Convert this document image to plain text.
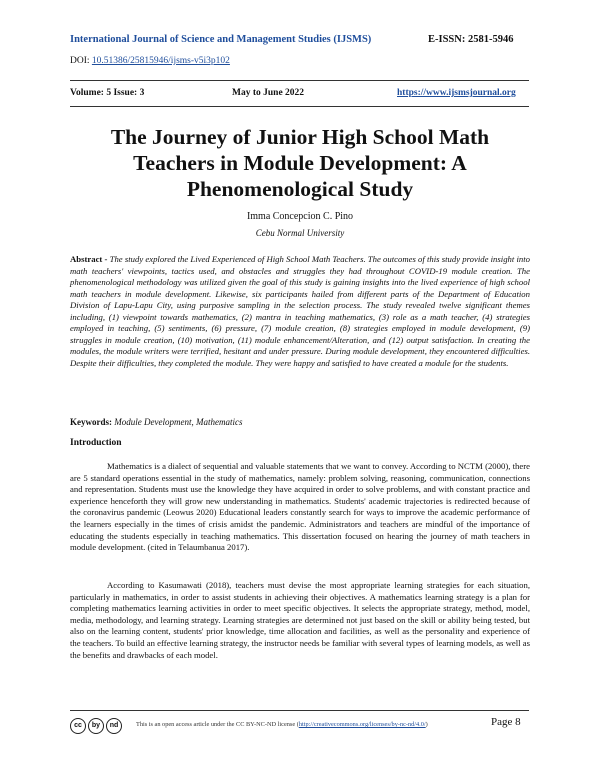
International Journal of Science and Management Studies (IJSMS)	E-ISSN: 2581-5946
DOI: 10.51386/25815946/ijsms-v5i3p102
Volume: 5 Issue: 3	May to June 2022	https://www.ijsmsjournal.org
The Journey of Junior High School Math Teachers in Module Development: A Phenomenological Study
Imma Concepcion C. Pino
Cebu Normal University
Abstract - The study explored the Lived Experienced of High School Math Teachers. The outcomes of this study provide insight into math teachers' viewpoints, tactics used, and obstacles and struggles they had throughout COVID-19 module creation. The phenomenological methodology was utilized given the goal of this study is gaining insights into the lived experience of high school math teachers in module development. Likewise, six participants hailed from different parts of the Department of Education Division of Lapu-Lapu City, using purposive sampling in the selection process. The study revealed twelve significant themes including, (1) viewpoint towards mathematics, (2) mantra in teaching mathematics, (3) role as a math teacher, (4) strategies employed in teaching, (5) sentiments, (6) pressure, (7) module creation, (8) strategies employed in module development, (9) struggles in module creation, (10) motivation, (11) module enhancement/Alteration, and (12) output satisfaction. In creating the modules, the module writers were terrified, hesitant and under pressure. During module development, they encountered difficulties. Despite their difficulties, they completed the module. They were happy and satisfied to have created a module for the students.
Keywords: Module Development, Mathematics
Introduction
Mathematics is a dialect of sequential and valuable statements that we want to convey. According to NCTM (2000), there are 5 standard operations essential in the study of mathematics, namely: problem solving, reasoning, communication, connections and representation. Students must use the knowledge they have acquired in order to solve problems, and with constant practice and experience henceforth they will grow new understanding in mathematics. Students' academic trajectories is redirected because of the coronavirus pandemic (Leowus 2020) Educational leaders constantly search for ways to improve the academic performance of the learners especially in the times of crisis amidst the pandemic. Administrators and teachers are mindful of the importance of educating the students especially in teaching mathematics. This dissertation focused on hearing the journey of math teachers in module development. (cited in Telaumbanua 2017).
According to Kasumawati (2018), teachers must devise the most appropriate learning strategies for each situation, particularly in mathematics, in order to assist students in achieving their objectives. A mathematics learning strategy is a plan for completing mathematics learning activities in order to meet specific objectives. It selects the appropriate strategy, method, model, media, methodology, and learning strategy. Learning strategies are determined not just based on the skill or ability being tested, but also on the learning content, students' prior knowledge, time allocation and facilities, as well as the personality and experience of the teachers. To build an effective learning strategy, the instructor needs be familiar with several types of learning models, as well as the benefits and drawbacks of each model.
cc	by	nd	This is an open access article under the CC BY-NC-ND license (http://creativecommons.org/licenses/by-nc-nd/4.0/)	Page 8
